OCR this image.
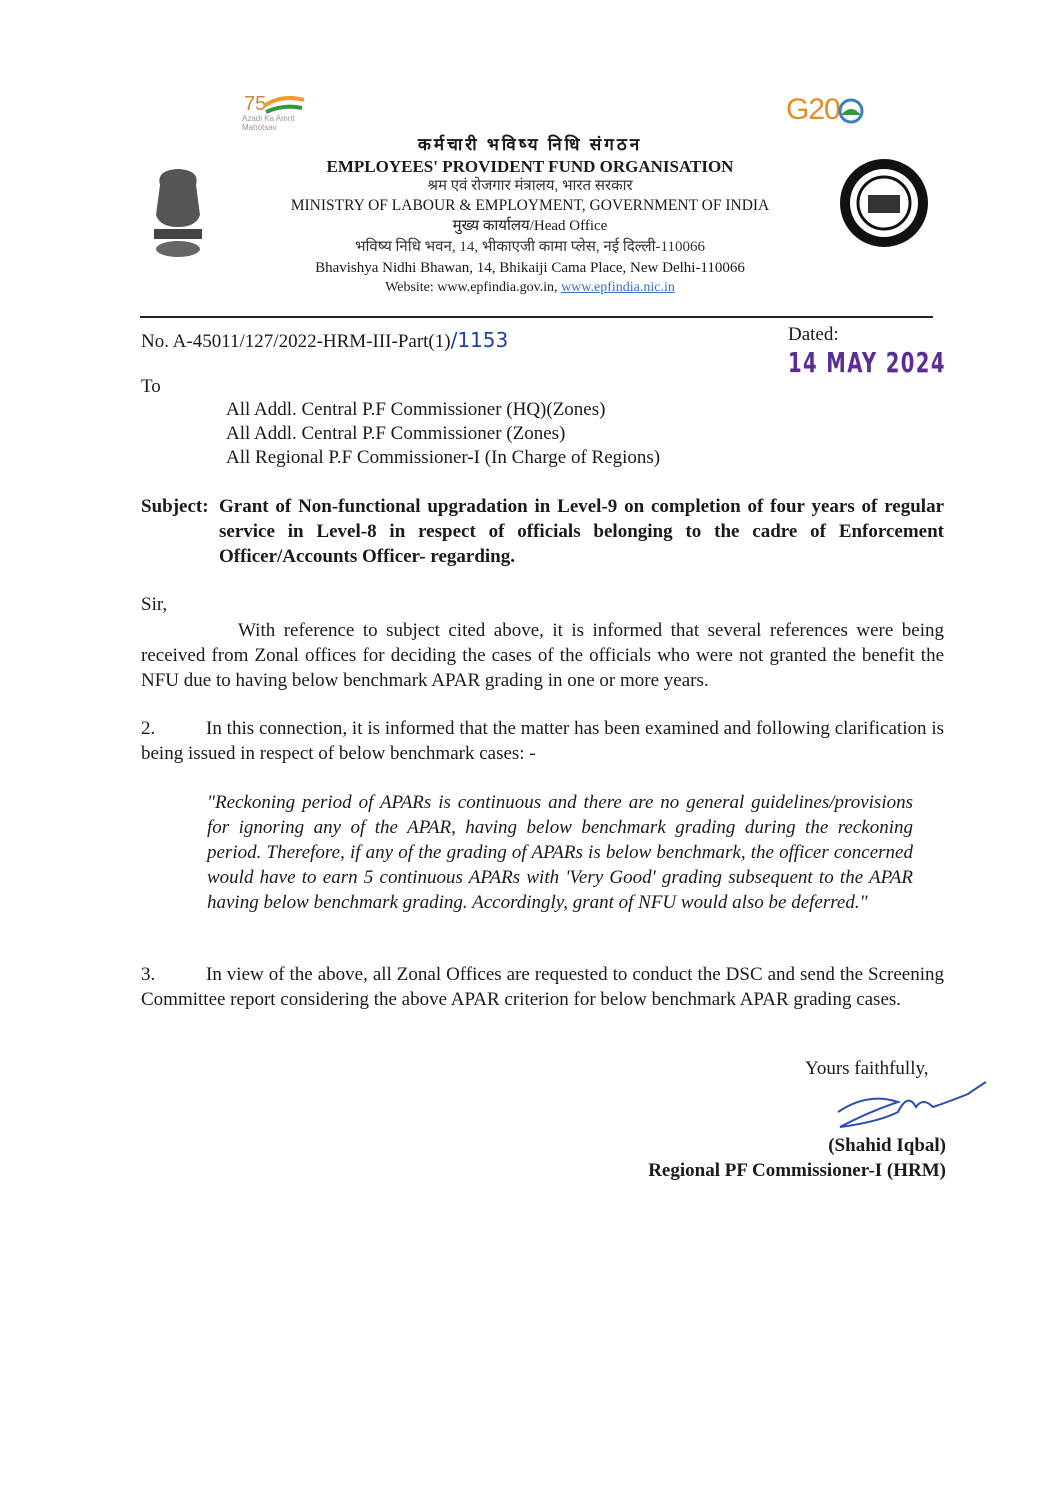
75
Azadi Ka Amrit Mahotsav
G20
कर्मचारी भविष्य निधि संगठन
EMPLOYEES' PROVIDENT FUND ORGANISATION
श्रम एवं रोजगार मंत्रालय, भारत सरकार
MINISTRY OF LABOUR & EMPLOYMENT, GOVERNMENT OF INDIA
मुख्य कार्यालय/Head Office
भविष्य निधि भवन, 14, भीकाएजी कामा प्लेस, नई दिल्ली-110066
Bhavishya Nidhi Bhawan, 14, Bhikaiji Cama Place, New Delhi-110066
Website: www.epfindia.gov.in, www.epfindia.nic.in
No. A-45011/127/2022-HRM-III-Part(1)/1153	Dated: 14 MAY 2024
To
All Addl. Central P.F Commissioner (HQ)(Zones)
All Addl. Central P.F Commissioner (Zones)
All Regional P.F Commissioner-I (In Charge of Regions)
Subject: Grant of Non-functional upgradation in Level-9 on completion of four years of regular service in Level-8 in respect of officials belonging to the cadre of Enforcement Officer/Accounts Officer- regarding.
Sir,
With reference to subject cited above, it is informed that several references were being received from Zonal offices for deciding the cases of the officials who were not granted the benefit the NFU due to having below benchmark APAR grading in one or more years.
2.	In this connection, it is informed that the matter has been examined and following clarification is being issued in respect of below benchmark cases: -
"Reckoning period of APARs is continuous and there are no general guidelines/provisions for ignoring any of the APAR, having below benchmark grading during the reckoning period. Therefore, if any of the grading of APARs is below benchmark, the officer concerned would have to earn 5 continuous APARs with 'Very Good' grading subsequent to the APAR having below benchmark grading. Accordingly, grant of NFU would also be deferred."
3.	In view of the above, all Zonal Offices are requested to conduct the DSC and send the Screening Committee report considering the above APAR criterion for below benchmark APAR grading cases.
Yours faithfully,
(Shahid Iqbal)
Regional PF Commissioner-I (HRM)
